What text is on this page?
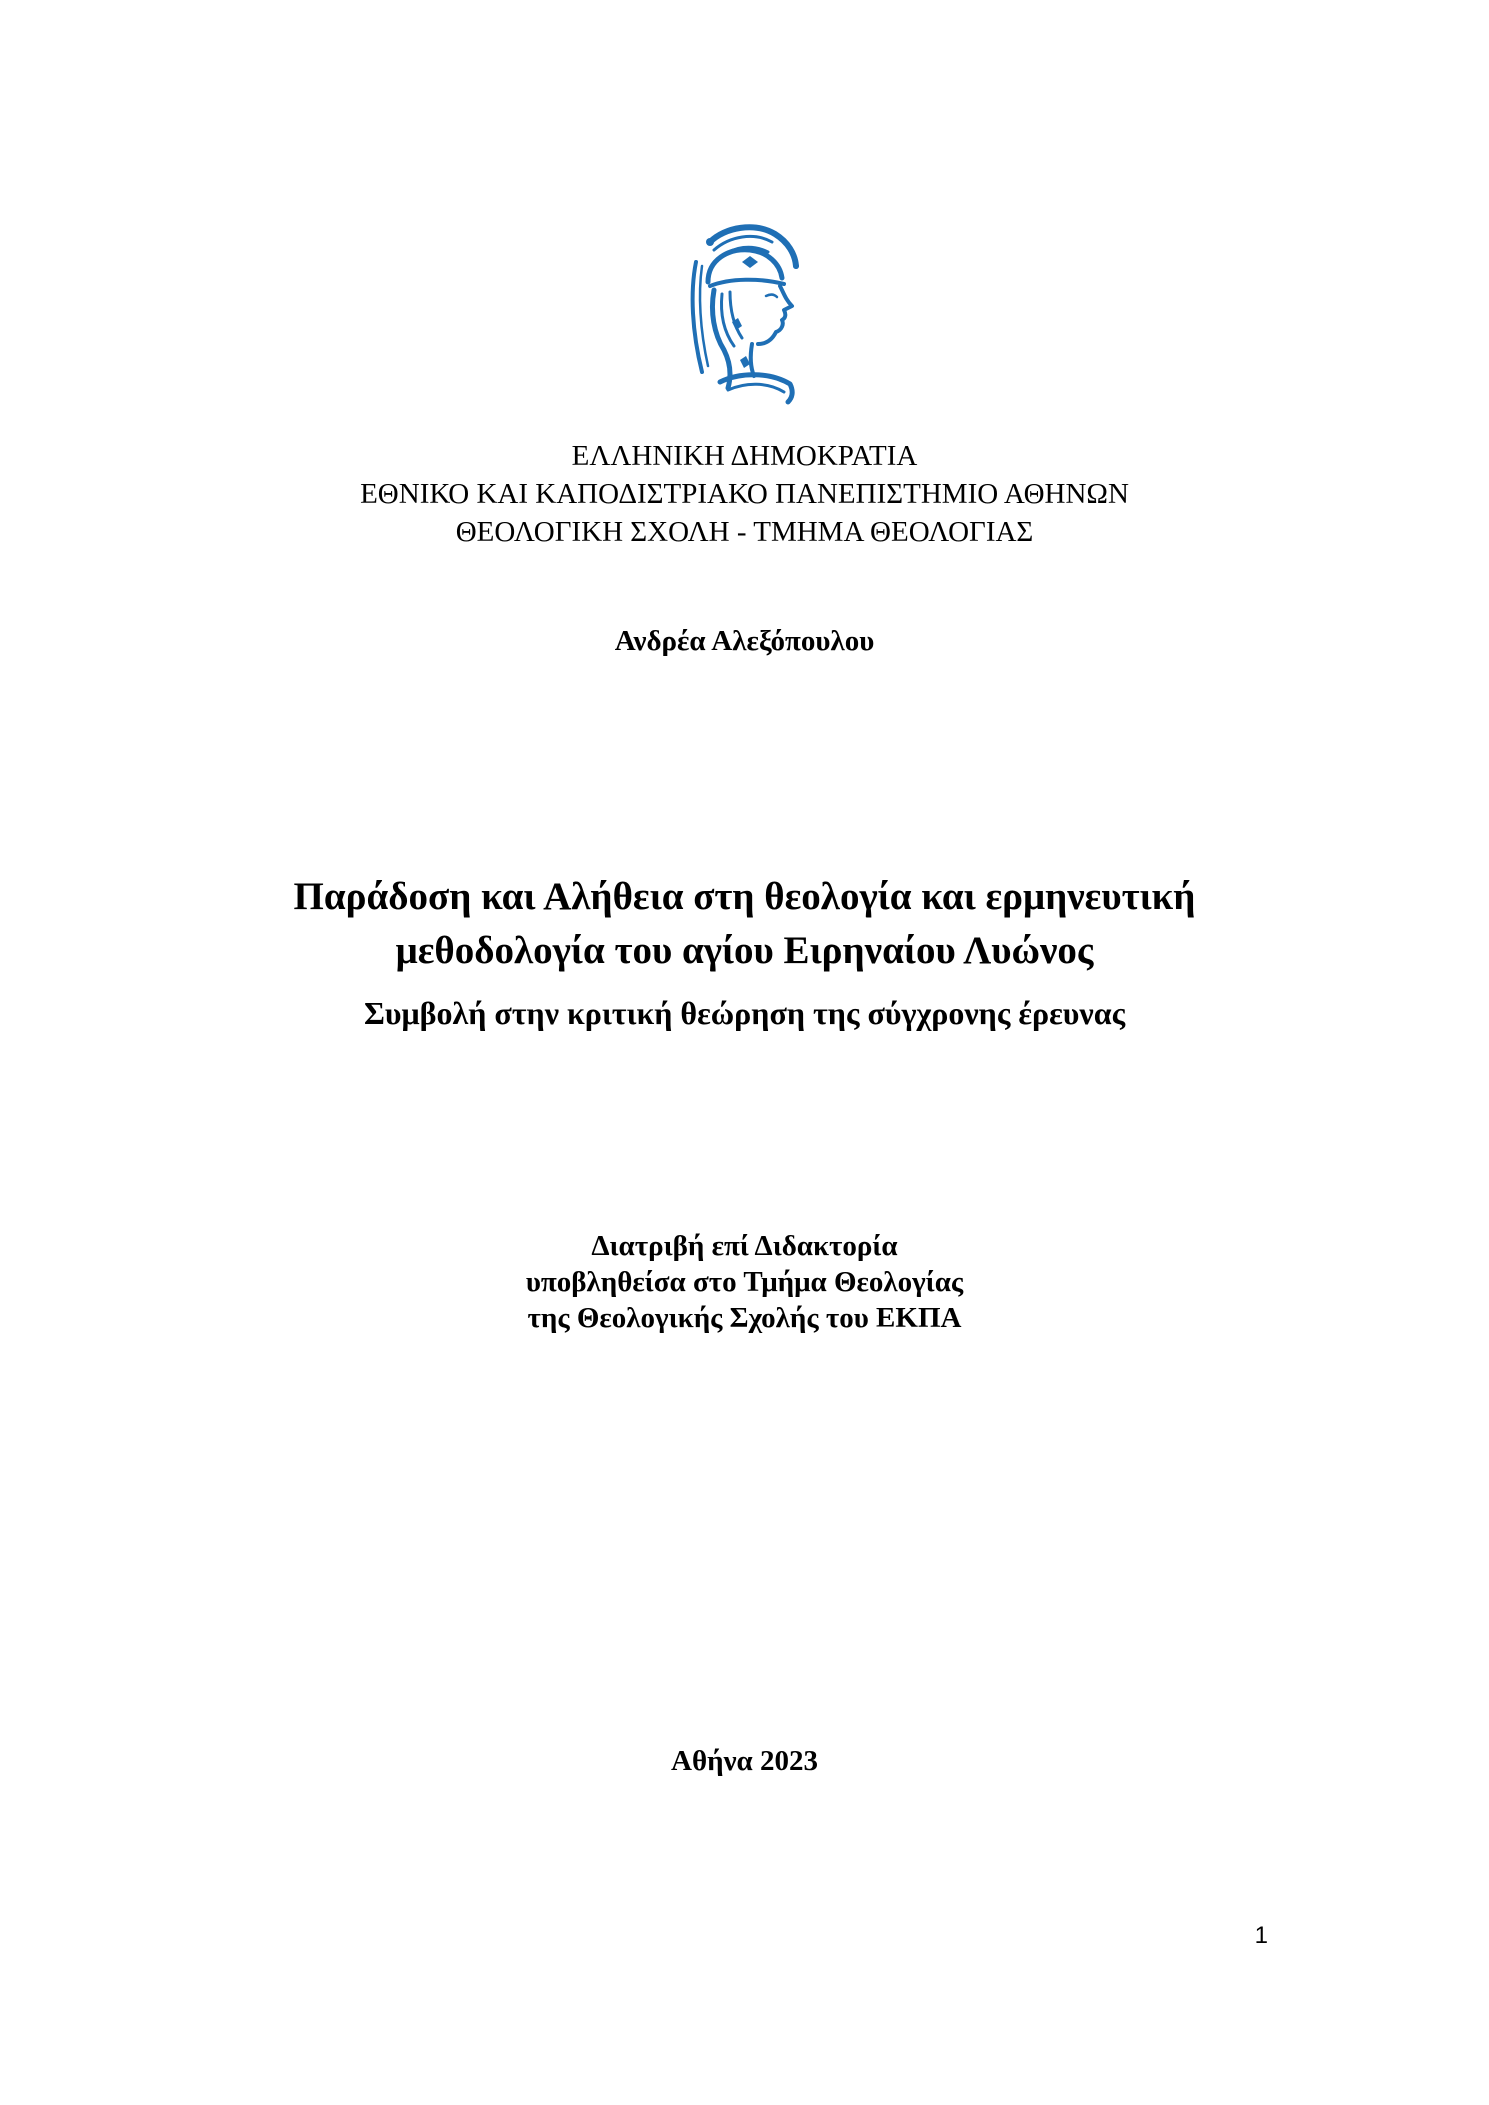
ΕΛΛΗΝΙΚΗ ΔΗΜΟΚΡΑΤΙΑ
ΕΘΝΙΚΟ ΚΑΙ ΚΑΠΟΔΙΣΤΡΙΑΚΟ ΠΑΝΕΠΙΣΤΗΜΙΟ ΑΘΗΝΩΝ
ΘΕΟΛΟΓΙΚΗ ΣΧΟΛΗ - ΤΜΗΜΑ ΘΕΟΛΟΓΙΑΣ
Ανδρέα Αλεξόπουλου
Παράδοση και Αλήθεια στη θεολογία και ερμηνευτική
μεθοδολογία του αγίου Ειρηναίου Λυώνος
Συμβολή στην κριτική θεώρηση της σύγχρονης έρευνας
Διατριβή επί Διδακτορία
υποβληθείσα στο Τμήμα Θεολογίας
της Θεολογικής Σχολής του ΕΚΠΑ
Αθήνα 2023
1
